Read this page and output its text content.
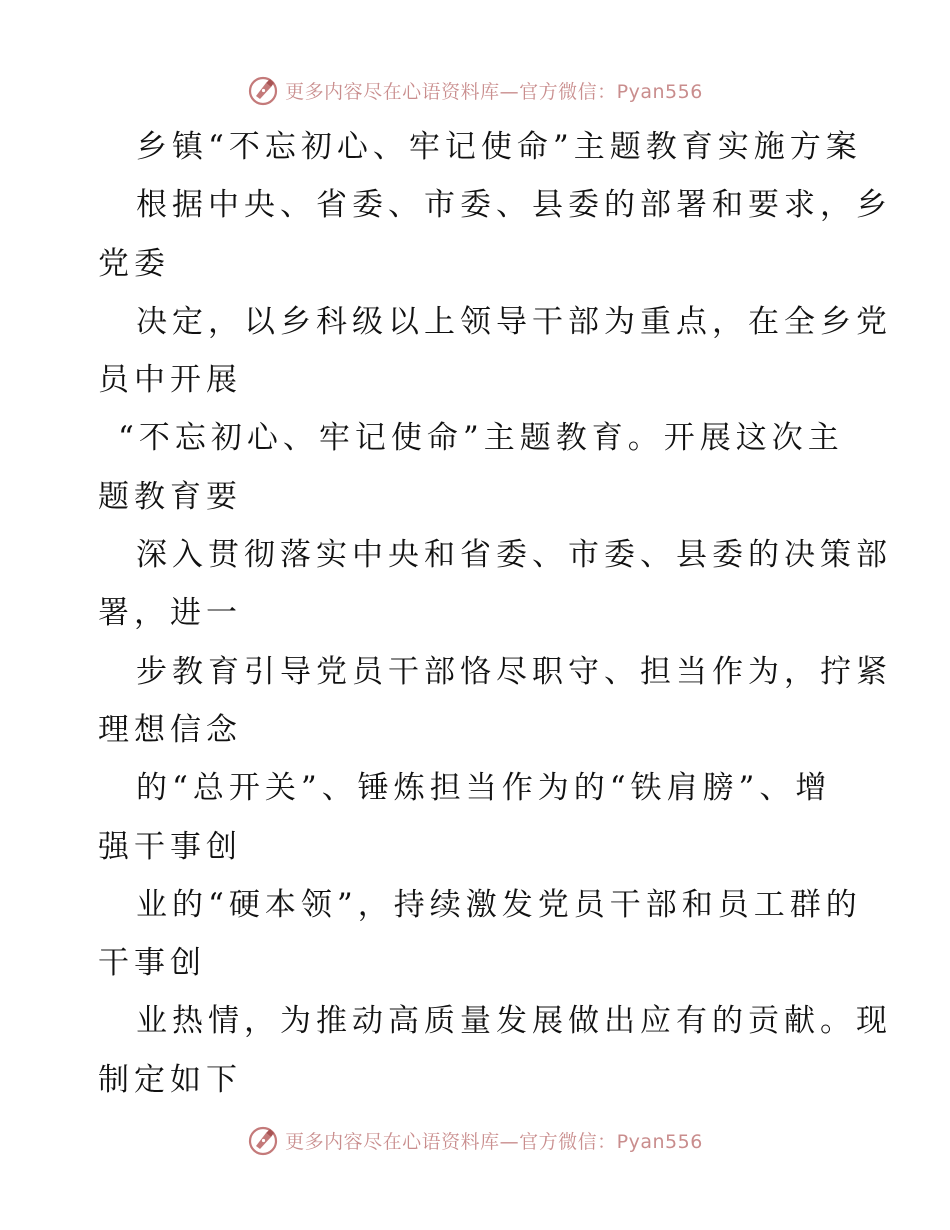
更多内容尽在心语资料库—官方微信：Pyan556

乡镇“不忘初心、牢记使命”主题教育实施方案

根据中央、省委、市委、县委的部署和要求，乡

党委

决定，以乡科级以上领导干部为重点，在全乡党

员中开展

“不忘初心、牢记使命”主题教育。开展这次主

题教育要

深入贯彻落实中央和省委、市委、县委的决策部

署，进一

步教育引导党员干部恪尽职守、担当作为，拧紧

理想信念

的“总开关”、锤炼担当作为的“铁肩膀”、增

强干事创

业的“硬本领”，持续激发党员干部和员工群的

干事创

业热情，为推动高质量发展做出应有的贡献。现

制定如下

更多内容尽在心语资料库—官方微信：Pyan556
